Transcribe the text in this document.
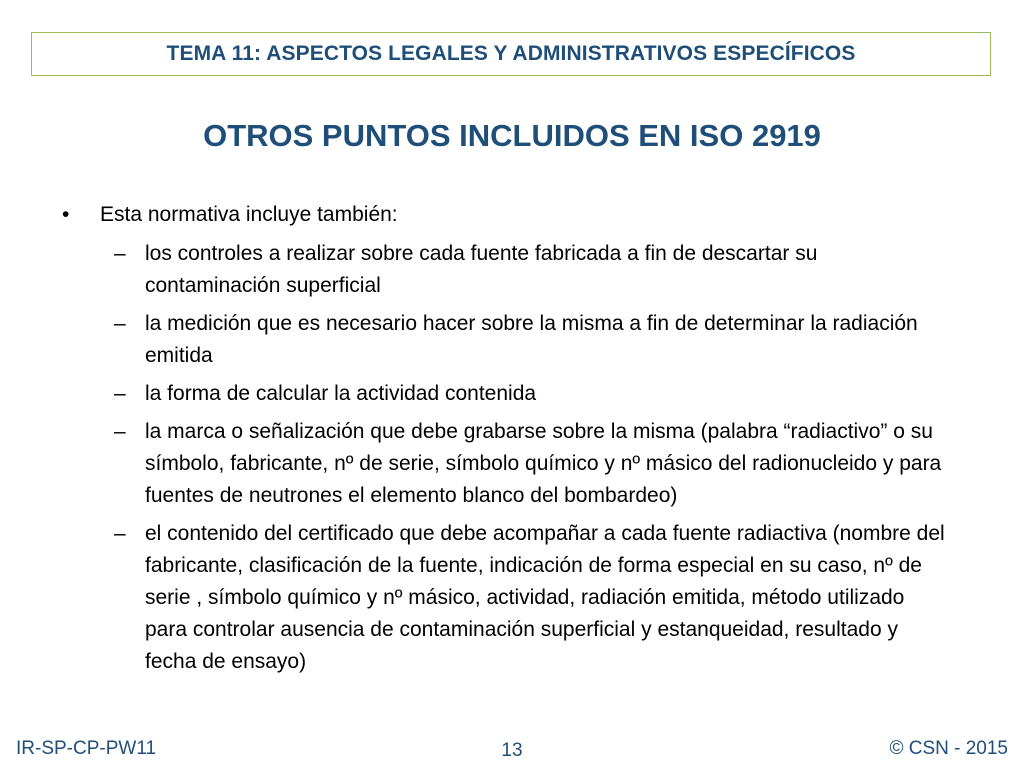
TEMA 11: ASPECTOS LEGALES Y ADMINISTRATIVOS ESPECÍFICOS
OTROS PUNTOS INCLUIDOS EN ISO 2919
•	Esta normativa incluye también:
– los controles a realizar sobre cada fuente fabricada a fin de descartar su contaminación superficial
– la medición que es necesario hacer sobre la misma a fin de determinar la radiación emitida
– la forma de calcular la actividad contenida
– la marca o señalización que debe grabarse sobre la misma (palabra “radiactivo” o su símbolo, fabricante, nº de serie, símbolo químico y nº másico del radionucleido y para fuentes de neutrones el elemento blanco del bombardeo)
– el contenido del certificado que debe acompañar a cada fuente radiactiva (nombre del fabricante, clasificación de la fuente, indicación de forma especial en su caso, nº de serie , símbolo químico y nº másico, actividad, radiación emitida, método utilizado para controlar ausencia de contaminación superficial y estanqueidad, resultado y fecha de ensayo)
IR-SP-CP-PW11	13	© CSN - 2015
